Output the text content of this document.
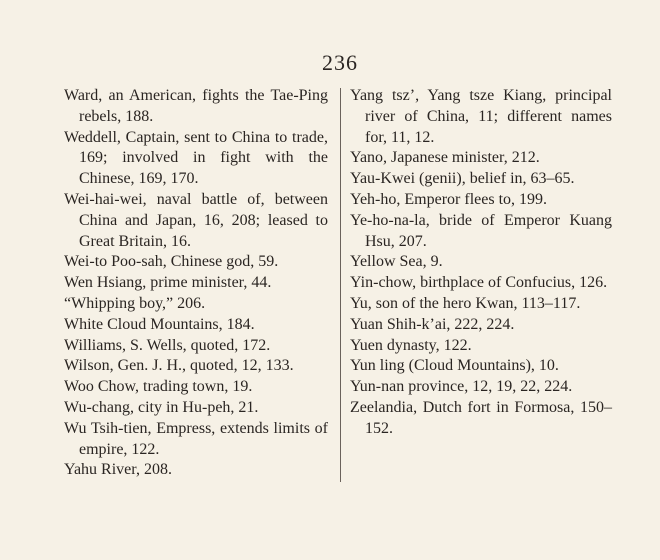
236
Ward, an American, fights the Tae-Ping rebels, 188.
Weddell, Captain, sent to China to trade, 169; involved in fight with the Chinese, 169, 170.
Wei-hai-wei, naval battle of, between China and Japan, 16, 208; leased to Great Britain, 16.
Wei-to Poo-sah, Chinese god, 59.
Wen Hsiang, prime minister, 44.
“Whipping boy,” 206.
White Cloud Mountains, 184.
Williams, S. Wells, quoted, 172.
Wilson, Gen. J. H., quoted, 12, 133.
Woo Chow, trading town, 19.
Wu-chang, city in Hu-peh, 21.
Wu Tsih-tien, Empress, extends limits of empire, 122.
Yahu River, 208.
Yang tsz’, Yang tsze Kiang, principal river of China, 11; different names for, 11, 12.
Yano, Japanese minister, 212.
Yau-Kwei (genii), belief in, 63–65.
Yeh-ho, Emperor flees to, 199.
Ye-ho-na-la, bride of Emperor Kuang Hsu, 207.
Yellow Sea, 9.
Yin-chow, birthplace of Confucius, 126.
Yu, son of the hero Kwan, 113–117.
Yuan Shih-k’ai, 222, 224.
Yuen dynasty, 122.
Yun ling (Cloud Mountains), 10.
Yun-nan province, 12, 19, 22, 224.
Zeelandia, Dutch fort in Formosa, 150–152.
